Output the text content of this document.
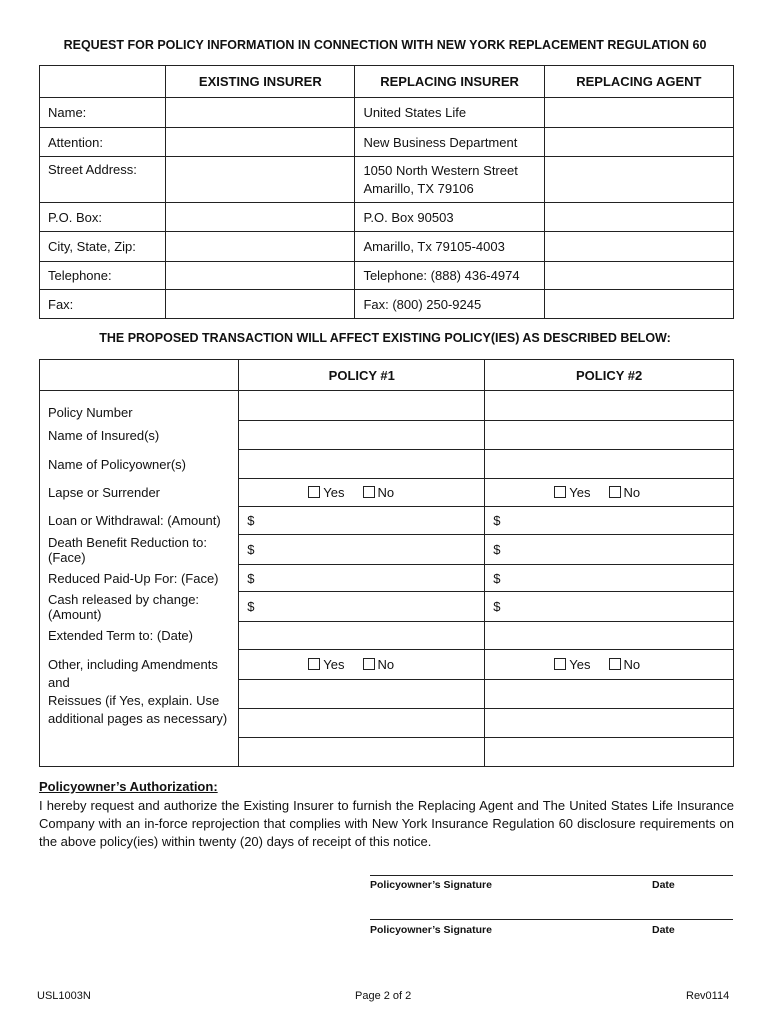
REQUEST FOR POLICY INFORMATION IN CONNECTION WITH NEW YORK REPLACEMENT REGULATION 60
	EXISTING INSURER	REPLACING INSURER	REPLACING AGENT
Name:		United States Life	
Attention:		New Business Department	
Street Address:		1050 North Western Street
Amarillo, TX 79106	

P.O. Box:		P.O. Box 90503	
City, State, Zip:		Amarillo, Tx 79105-4003	
Telephone:		Telephone: (888) 436-4974	
Fax:		Fax: (800) 250-9245	
THE PROPOSED TRANSACTION WILL AFFECT EXISTING POLICY(IES) AS DESCRIBED BELOW:
	POLICY #1	POLICY #2
Policy Number		
Name of Insured(s)		
Name of Policyowner(s)		
Lapse or Surrender	Yes No	Yes No
Loan or Withdrawal: (Amount)	$	$
Death Benefit Reduction to: (Face)	$	$
Reduced Paid-Up For: (Face)	$	$
Cash released by change: (Amount)	$	$
Extended Term to: (Date)		

Other, including Amendments and
Reissues (if Yes, explain. Use
additional pages as necessary)	Yes No	Yes No

Policyowner’s Authorization:
I hereby request and authorize the Existing Insurer to furnish the Replacing Agent and The United States Life Insurance Company with an in-force reprojection that complies with New York Insurance Regulation 60 disclosure requirements on the above policy(ies) within twenty (20) days of receipt of this notice.
Policyowner’s Signature	Date
Policyowner’s Signature	Date
USL1003N	Page 2 of 2	Rev0114
